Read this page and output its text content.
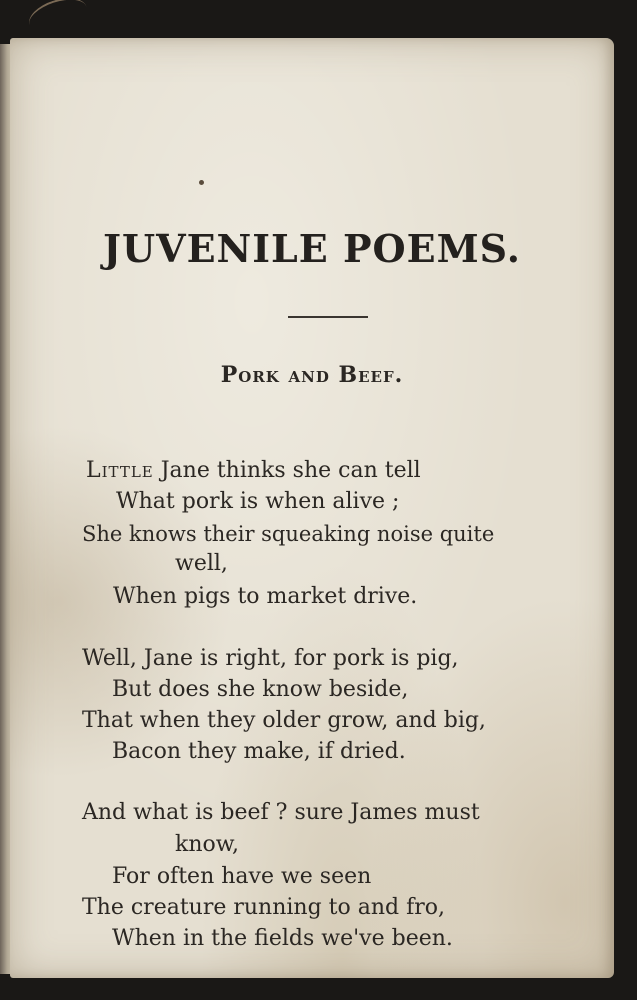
JUVENILE POEMS.
Pork and Beef.

Little Jane thinks she can tell

What pork is when alive ;

She knows their squeaking noise quite

well,

When pigs to market drive.

Well, Jane is right, for pork is pig,

But does she know beside,

That when they older grow, and big,

Bacon they make, if dried.

And what is beef ? sure James must

know,

For often have we seen

The creature running to and fro,

When in the fields we've been.
